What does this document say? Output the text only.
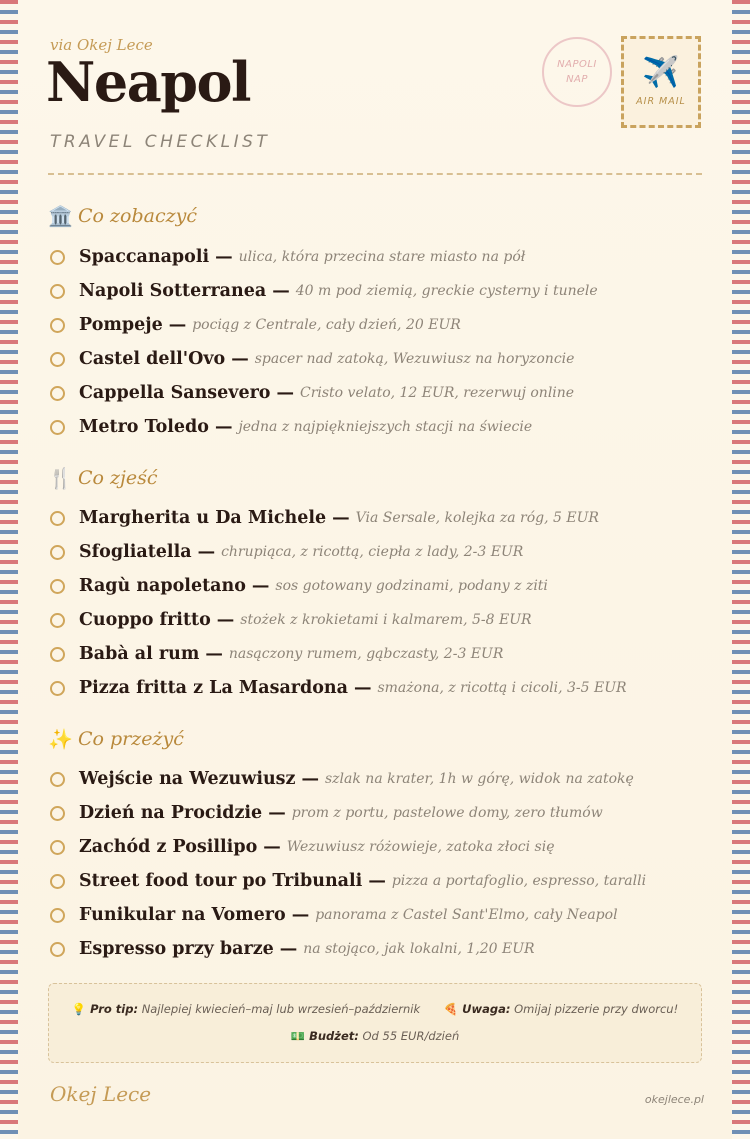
via Okej Lece
Neapol
TRAVEL CHECKLIST
NAPOLI
NAP ✈️
AIR MAIL
🏛️ Co zobaczyć
Spaccanapoli — ulica, która przecina stare miasto na pół
Napoli Sotterranea — 40 m pod ziemią, greckie cysterny i tunele
Pompeje — pociąg z Centrale, cały dzień, 20 EUR
Castel dell'Ovo — spacer nad zatoką, Wezuwiusz na horyzoncie
Cappella Sansevero — Cristo velato, 12 EUR, rezerwuj online
Metro Toledo — jedna z najpiękniejszych stacji na świecie
🍴 Co zjeść
Margherita u Da Michele — Via Sersale, kolejka za róg, 5 EUR
Sfogliatella — chrupiąca, z ricottą, ciepła z lady, 2-3 EUR
Ragù napoletano — sos gotowany godzinami, podany z ziti
Cuoppo fritto — stożek z krokietami i kalmarem, 5-8 EUR
Babà al rum — nasączony rumem, gąbczasty, 2-3 EUR
Pizza fritta z La Masardona — smażona, z ricottą i cicoli, 3-5 EUR
✨ Co przeżyć
Wejście na Wezuwiusz — szlak na krater, 1h w górę, widok na zatokę
Dzień na Procidzie — prom z portu, pastelowe domy, zero tłumów
Zachód z Posillipo — Wezuwiusz różowieje, zatoka złoci się
Street food tour po Tribunali — pizza a portafoglio, espresso, taralli
Funikular na Vomero — panorama z Castel Sant'Elmo, cały Neapol
Espresso przy barze — na stojąco, jak lokalni, 1,20 EUR
💡 Pro tip: Najlepiej kwiecień–maj lub wrzesień–październik 🍕 Uwaga: Omijaj pizzerie przy dworcu!
💵 Budżet: Od 55 EUR/dzień
Okej Lece	okejlece.pl
